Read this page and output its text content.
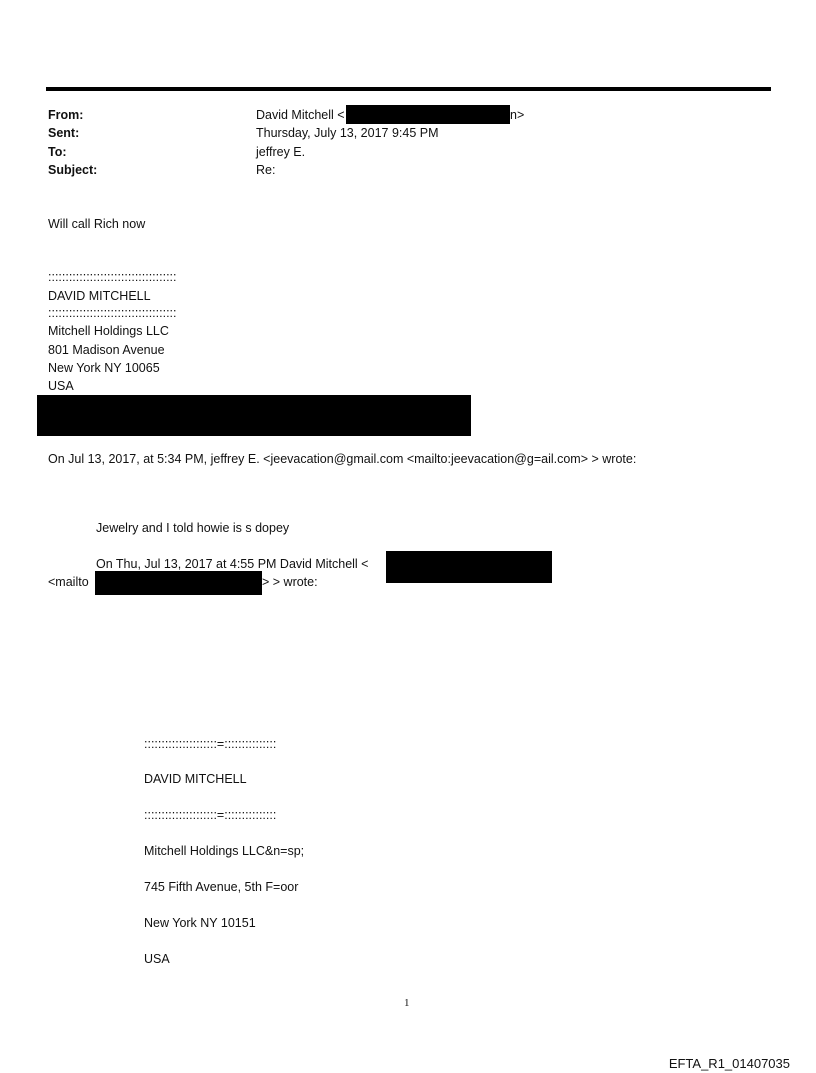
From:	David Mitchell <	n>
Sent:	Thursday, July 13, 2017 9:45 PM
To:	jeffrey E.
Subject:	Re:
Will call Rich now
:::::::::::::::::::::::::::::::::::::
DAVID MITCHELL
:::::::::::::::::::::::::::::::::::::
Mitchell Holdings LLC
801 Madison Avenue
New York NY 10065
USA
On Jul 13, 2017, at 5:34 PM, jeffrey E. <jeevacation@gmail.com <mailto:jeevacation@g=ail.com> > wrote:
Jewelry and I told howie is s dopey
On Thu, Jul 13, 2017 at 4:55 PM David Mitchell <
<mailto	> > wrote:
:::::::::::::::::::::=:::::::::::::::
DAVID MITCHELL
:::::::::::::::::::::=:::::::::::::::
Mitchell Holdings LLC&n=sp;
745 Fifth Avenue, 5th F=oor
New York NY 10151
USA
1
EFTA_R1_01407035
